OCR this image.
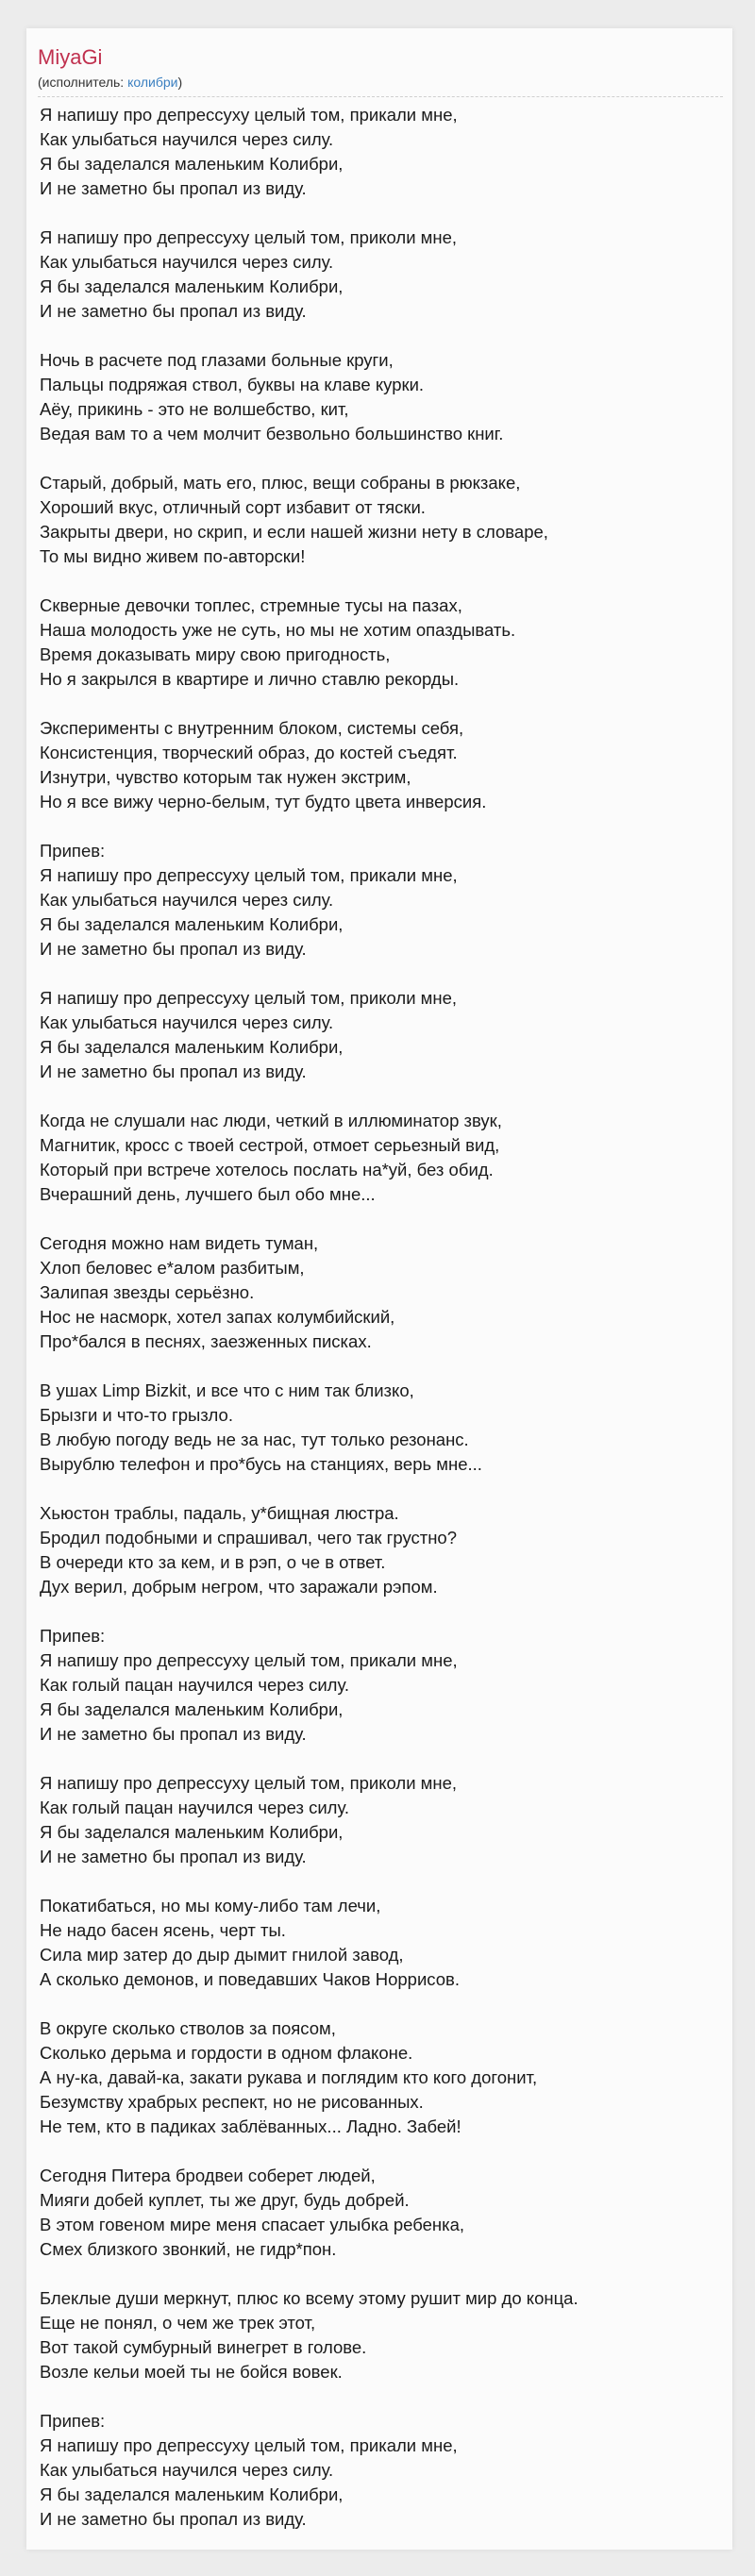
MiyaGi
(исполнитель: колибри)
Я напишу про депрессуху целый том, прикали мне,
Как улыбаться научился через силу.
Я бы заделался маленьким Колибри,
И не заметно бы пропал из виду.
Я напишу про депрессуху целый том, приколи мне,
Как улыбаться научился через силу.
Я бы заделался маленьким Колибри,
И не заметно бы пропал из виду.
Ночь в расчете под глазами больные круги,
Пальцы подряжая ствол, буквы на клаве курки.
Аёу, прикинь - это не волшебство, кит,
Ведая вам то а чем молчит безвольно большинство книг.
Старый, добрый, мать его, плюс, вещи собраны в рюкзаке,
Хороший вкус, отличный сорт избавит от тяски.
Закрыты двери, но скрип, и если нашей жизни нету в словаре,
То мы видно живем по-авторски!
Скверные девочки топлес, стремные тусы на пазах,
Наша молодость уже не суть, но мы не хотим опаздывать.
Время доказывать миру свою пригодность,
Но я закрылся в квартире и лично ставлю рекорды.
Эксперименты с внутренним блоком, системы себя,
Консистенция, творческий образ, до костей съедят.
Изнутри, чувство которым так нужен экстрим,
Но я все вижу черно-белым, тут будто цвета инверсия.
Припев:
Я напишу про депрессуху целый том, прикали мне,
Как улыбаться научился через силу.
Я бы заделался маленьким Колибри,
И не заметно бы пропал из виду.
Я напишу про депрессуху целый том, приколи мне,
Как улыбаться научился через силу.
Я бы заделался маленьким Колибри,
И не заметно бы пропал из виду.
Когда не слушали нас люди, четкий в иллюминатор звук,
Магнитик, кросс с твоей сестрой, отмоет серьезный вид,
Который при встрече хотелось послать на*уй, без обид.
Вчерашний день, лучшего был обо мне...
Сегодня можно нам видеть туман,
Хлоп беловес е*алом разбитым,
Залипая звезды серьёзно.
Нос не насморк, хотел запах колумбийский,
Про*бался в песнях, заезженных писках.
В ушах Limp Bizkit, и все что с ним так близко,
Брызги и что-то грызло.
В любую погоду ведь не за нас, тут только резонанс.
Вырублю телефон и про*бусь на станциях, верь мне...
Хьюстон траблы, падаль, у*бищная люстра.
Бродил подобными и спрашивал, чего так грустно?
В очереди кто за кем, и в рэп, о че в ответ.
Дух верил, добрым негром, что заражали рэпом.
Припев:
Я напишу про депрессуху целый том, прикали мне,
Как голый пацан научился через силу.
Я бы заделался маленьким Колибри,
И не заметно бы пропал из виду.
Я напишу про депрессуху целый том, приколи мне,
Как голый пацан научился через силу.
Я бы заделался маленьким Колибри,
И не заметно бы пропал из виду.
Покатибаться, но мы кому-либо там лечи,
Не надо басен ясень, черт ты.
Сила мир затер до дыр дымит гнилой завод,
А сколько демонов, и поведавших Чаков Норрисов.
В округе сколько стволов за поясом,
Сколько дерьма и гордости в одном флаконе.
А ну-ка, давай-ка, закати рукава и поглядим кто кого догонит,
Безумству храбрых респект, но не рисованных.
Не тем, кто в падиках заблёванных... Ладно. Забей!
Сегодня Питера бродвеи соберет людей,
Мияги добей куплет, ты же друг, будь добрей.
В этом говеном мире меня спасает улыбка ребенка,
Смех близкого звонкий, не гидр*пон.
Блеклые души меркнут, плюс ко всему этому рушит мир до конца.
Еще не понял, о чем же трек этот,
Вот такой сумбурный винегрет в голове.
Возле кельи моей ты не бойся вовек.
Припев:
Я напишу про депрессуху целый том, прикали мне,
Как улыбаться научился через силу.
Я бы заделался маленьким Колибри,
И не заметно бы пропал из виду.
